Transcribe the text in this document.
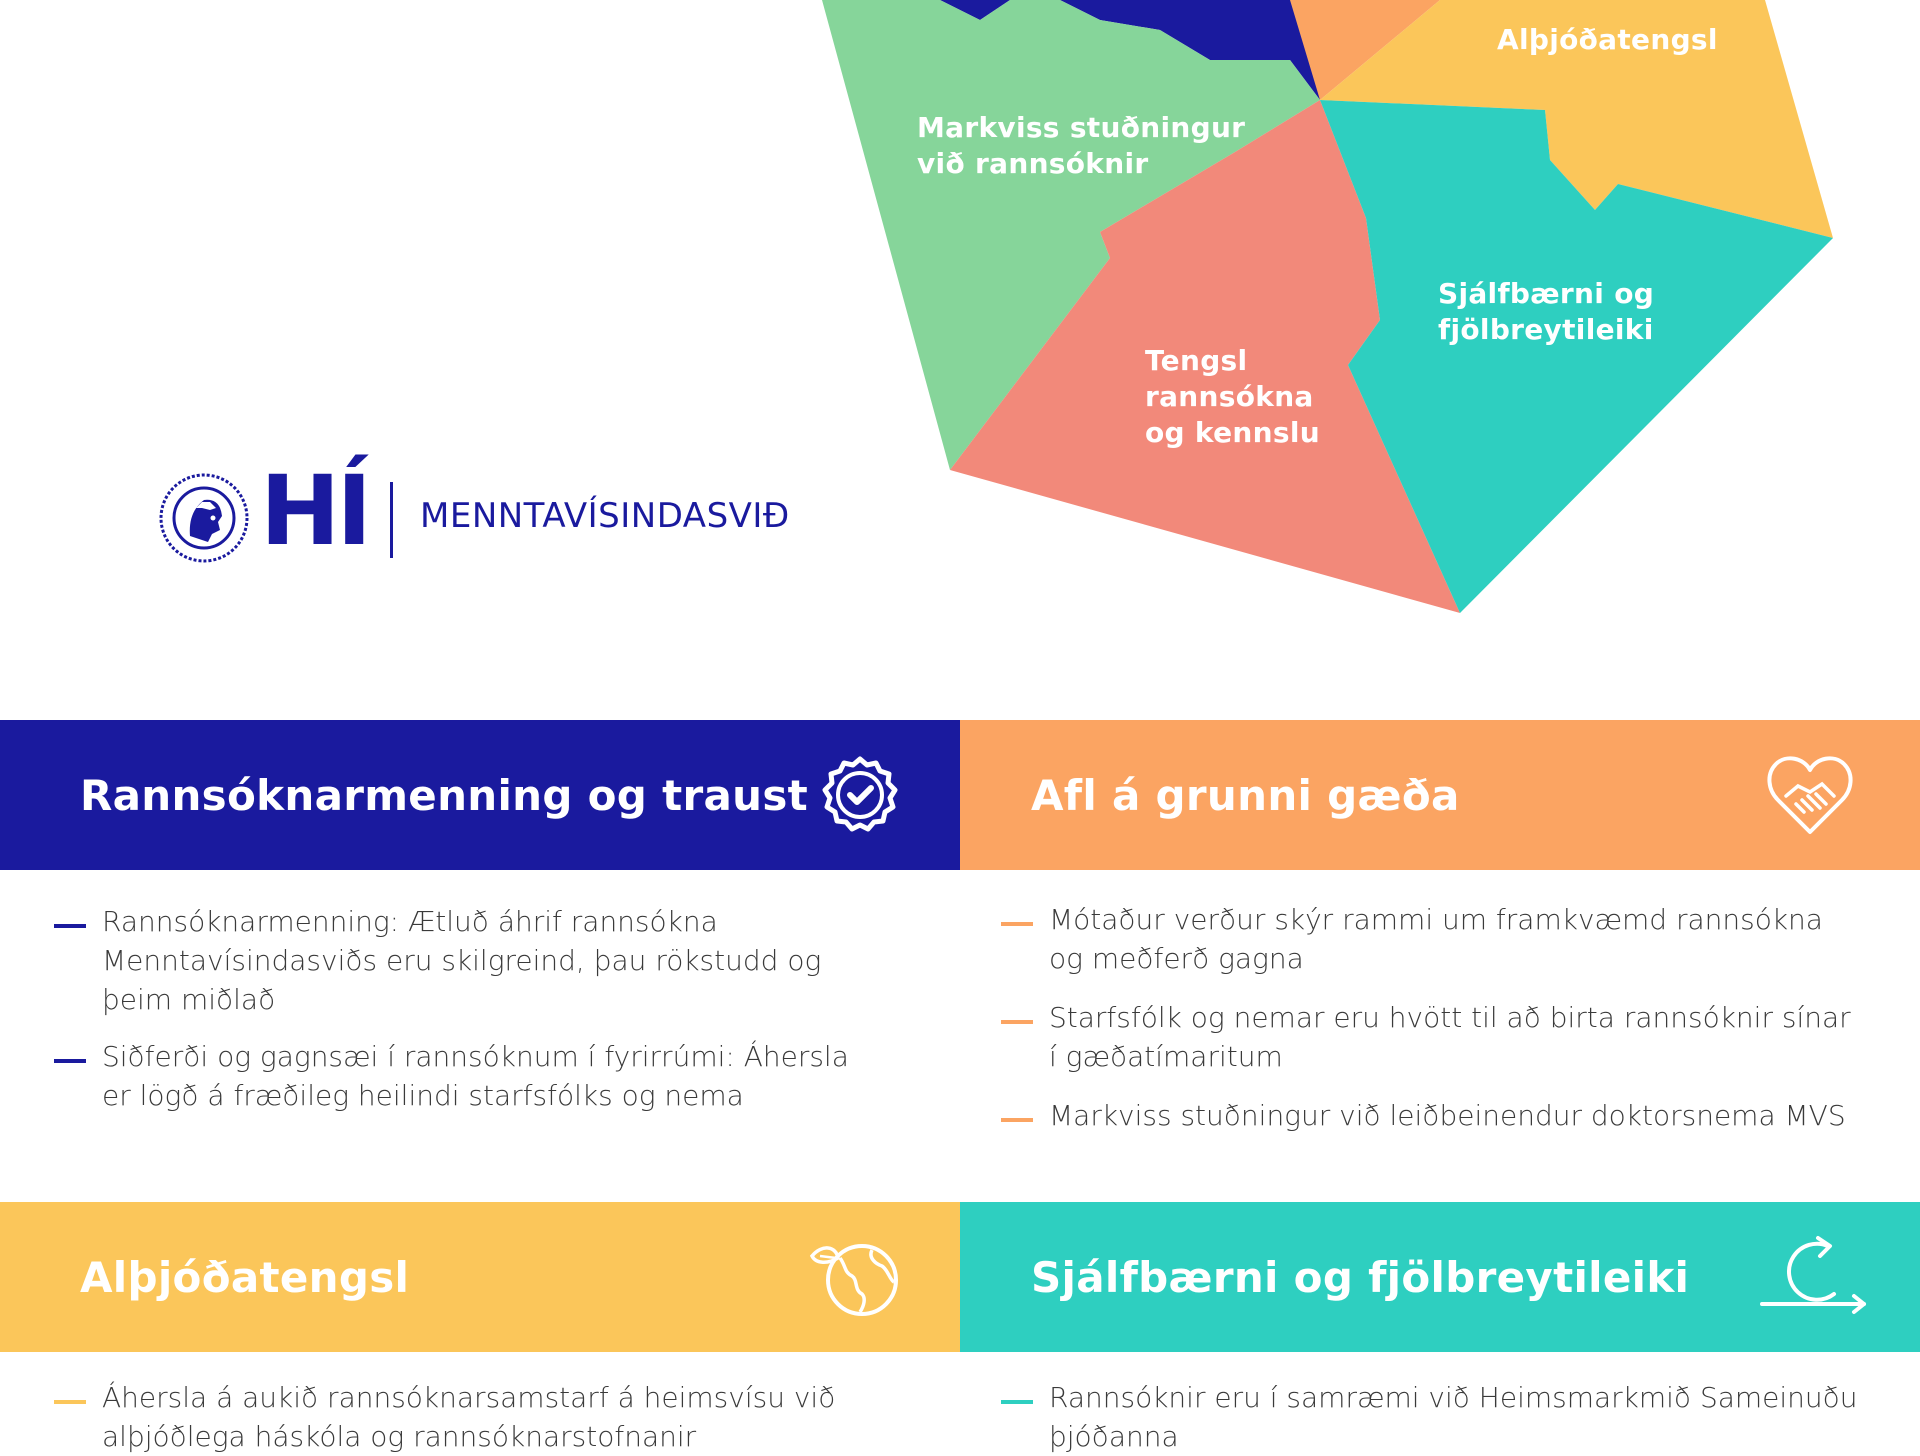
Alþjóðatengsl
Markviss stuðningur
við rannsóknir
Sjálfbærni og
fjölbreytileiki
Tengsl
rannsókna
og kennslu
HÍ MENNTAVÍSINDASVIÐ
Rannsóknarmenning og traust
Rannsóknarmenning: Ætluð áhrif rannsókna Menntavísindasviðs eru skilgreind, þau rökstudd og þeim miðlað
Siðferði og gagnsæi í rannsóknum í fyrirrúmi: Áhersla er lögð á fræðileg heilindi starfsfólks og nema
Afl á grunni gæða
Mótaður verður skýr rammi um framkvæmd rannsókna og meðferð gagna
Starfsfólk og nemar eru hvött til að birta rannsóknir sínar í gæðatímaritum
Markviss stuðningur við leiðbeinendur doktorsnema MVS
Alþjóðatengsl
Áhersla á aukið rannsóknarsamstarf á heimsvísu við alþjóðlega háskóla og rannsóknarstofnanir
Sjálfbærni og fjölbreytileiki
Rannsóknir eru í samræmi við Heimsmarkmið Sameinuðu þjóðanna
